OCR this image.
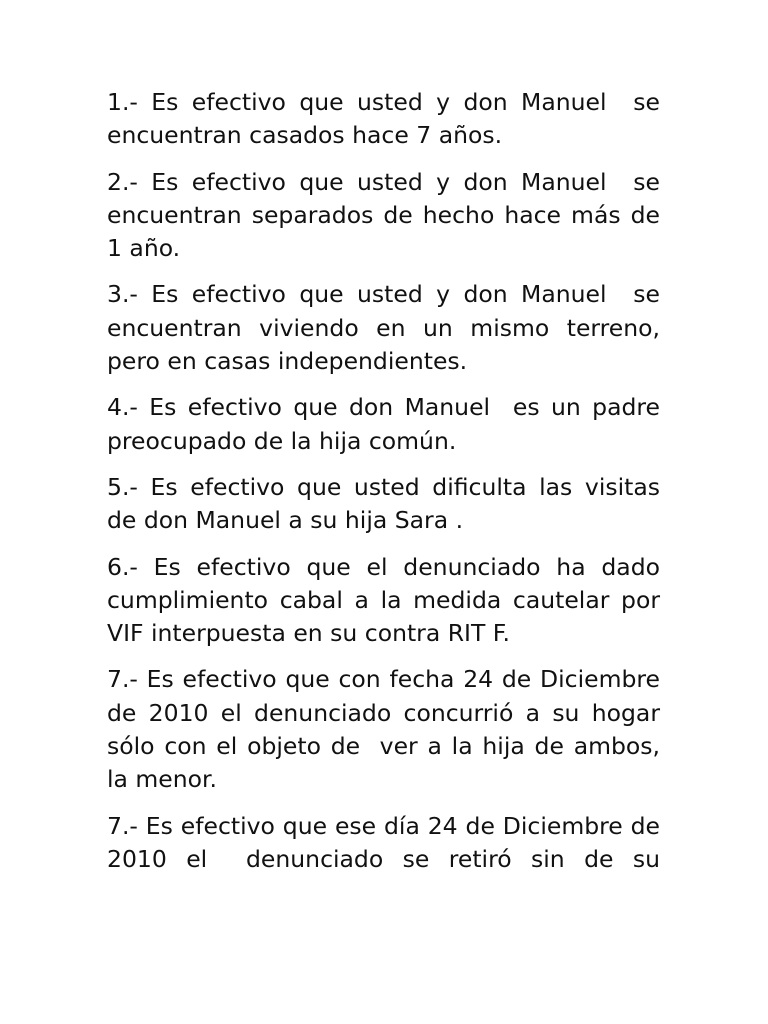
1.- Es efectivo que usted y don Manuel  se encuentran casados hace 7 años.

2.- Es efectivo que usted y don Manuel  se encuentran separados de hecho hace más de 1 año.

3.- Es efectivo que usted y don Manuel  se encuentran viviendo en un mismo terreno, pero en casas independientes.

4.- Es efectivo que don Manuel  es un padre preocupado de la hija común.

5.- Es efectivo que usted dificulta las visitas de don Manuel a su hija Sara .

6.- Es efectivo que el denunciado ha dado cumplimiento cabal a la medida cautelar por VIF interpuesta en su contra RIT F.

7.- Es efectivo que con fecha 24 de Diciembre de 2010 el denunciado concurrió a su hogar sólo con el objeto de  ver a la hija de ambos, la menor.

7.- Es efectivo que ese día 24 de Diciembre de 2010 el  denunciado se retiró sin de su
